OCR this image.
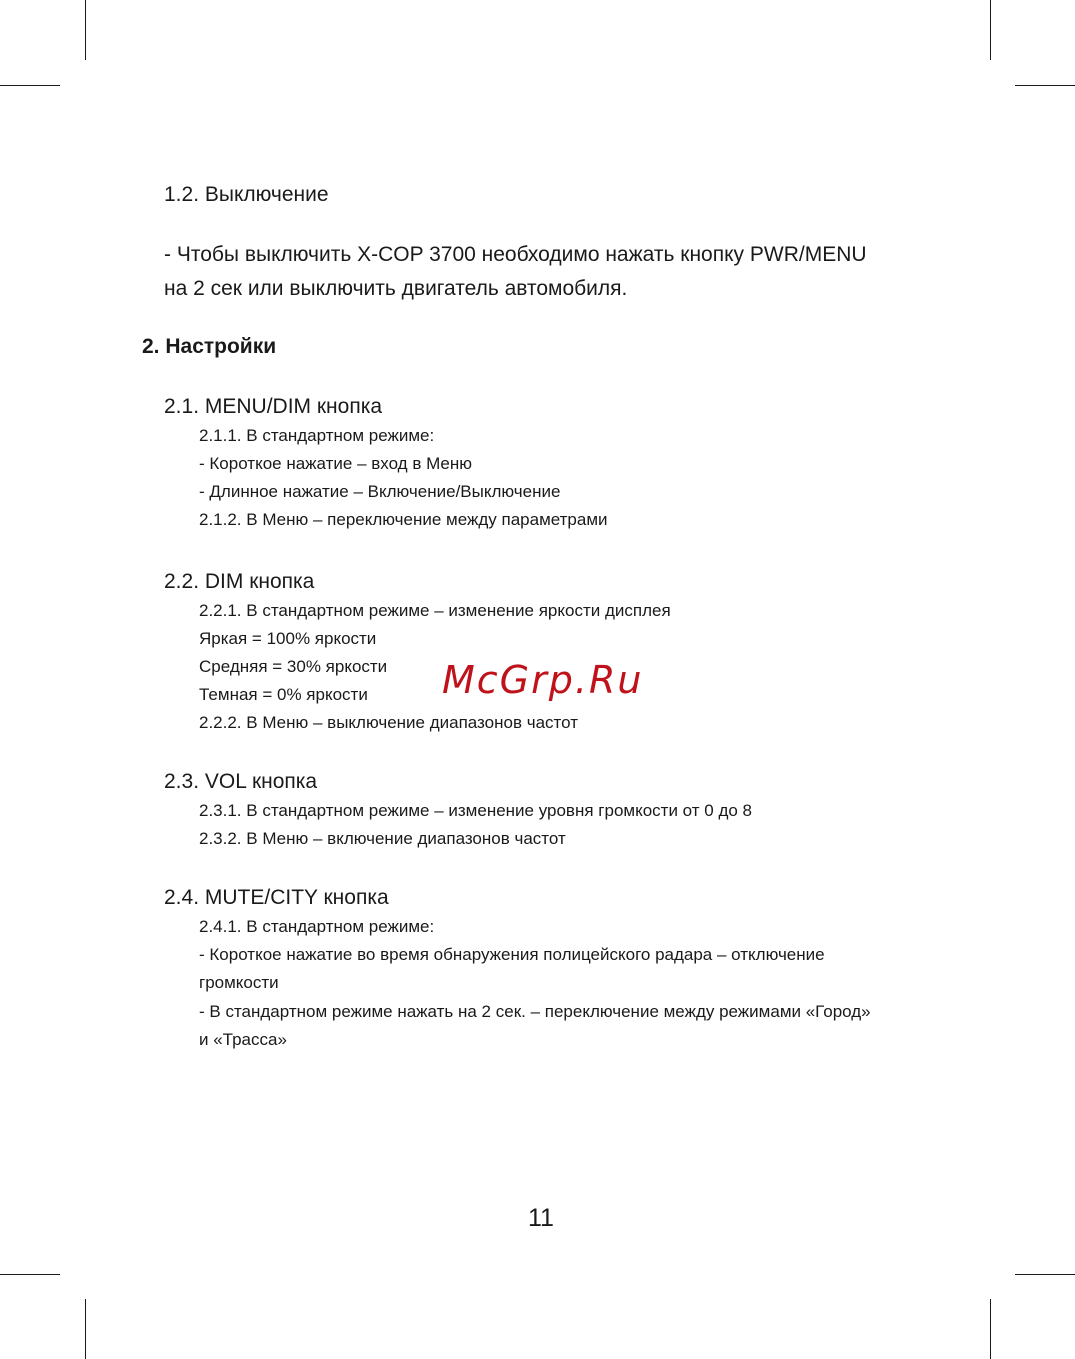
1.2. Выключение
- Чтобы выключить X-COP 3700 необходимо нажать кнопку PWR/MENU
на 2 сек или выключить двигатель автомобиля.
2. Настройки
2.1. MENU/DIM кнопка
2.1.1. В стандартном режиме:
- Короткое нажатие – вход в Меню
- Длинное нажатие – Включение/Выключение
2.1.2. В Меню – переключение между параметрами
2.2. DIM кнопка
2.2.1. В стандартном режиме – изменение яркости дисплея
Яркая = 100% яркости
Средняя = 30% яркости
Темная = 0% яркости
2.2.2. В Меню – выключение диапазонов частот
McGrp.Ru
2.3. VOL кнопка
2.3.1. В стандартном режиме – изменение уровня громкости от 0 до 8
2.3.2. В Меню – включение диапазонов частот
2.4. MUTE/CITY кнопка
2.4.1. В стандартном режиме:
- Короткое нажатие во время обнаружения полицейского радара – отключение
громкости
- В стандартном режиме нажать на 2 сек. – переключение между режимами «Город»
и «Трасса»
11
